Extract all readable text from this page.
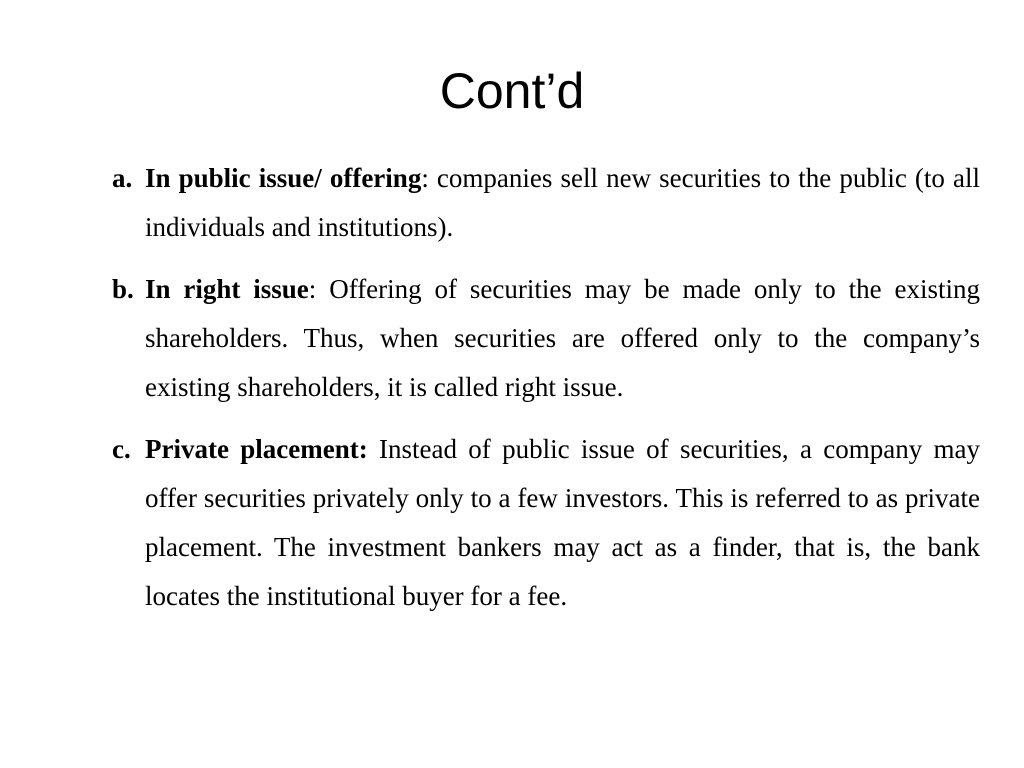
Cont’d
a. In public issue/ offering: companies sell new securities to the public (to all individuals and institutions).
b. In right issue: Offering of securities may be made only to the existing shareholders. Thus, when securities are offered only to the company’s existing shareholders, it is called right issue.
c. Private placement: Instead of public issue of securities, a company may offer securities privately only to a few investors. This is referred to as private placement. The investment bankers may act as a finder, that is, the bank locates the institutional buyer for a fee.
